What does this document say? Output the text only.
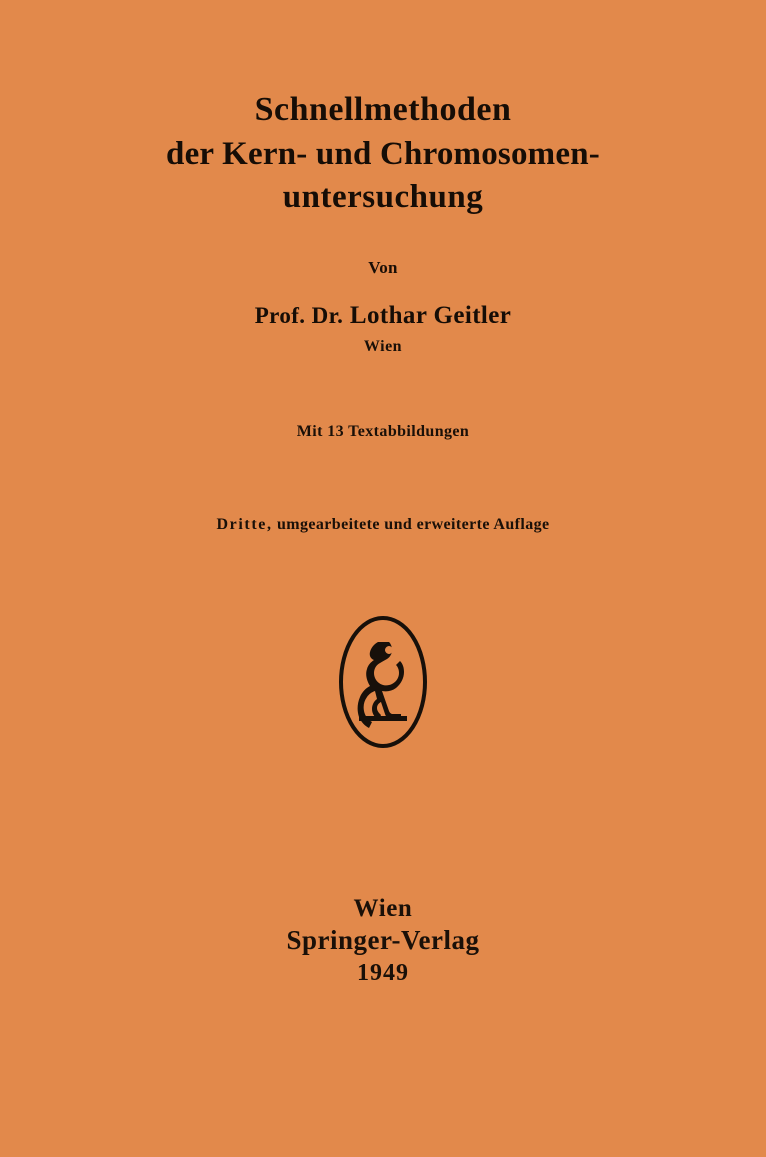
Schnellmethoden
der Kern- und Chromosomen-
untersuchung
Von
Prof. Dr. Lothar Geitler
Wien
Mit 13 Textabbildungen
Dritte, umgearbeitete und erweiterte Auflage
Wien
Springer-Verlag
1949
